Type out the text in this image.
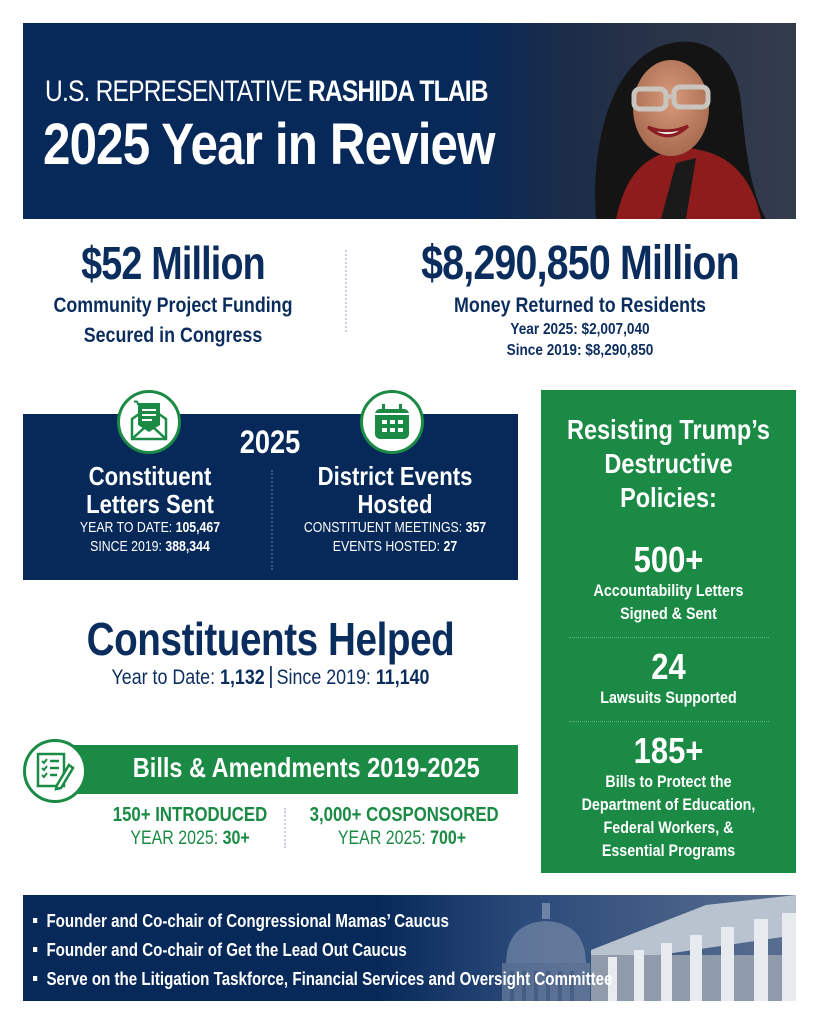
U.S. REPRESENTATIVE RASHIDA TLAIB
2025 Year in Review
$52 Million
Community Project Funding
Secured in Congress
$8,290,850 Million
Money Returned to Residents
Year 2025: $2,007,040
Since 2019: $8,290,850
2025
Constituent
Letters Sent
YEAR TO DATE: 105,467
SINCE 2019: 388,344
District Events
Hosted
CONSTITUENT MEETINGS: 357
EVENTS HOSTED: 27
Constituents Helped
Year to Date: 1,132 Since 2019: 11,140
Bills & Amendments 2019-2025
150+ INTRODUCED
YEAR 2025: 30+
3,000+ COSPONSORED
YEAR 2025: 700+
Resisting Trump’s
Destructive
Policies:
500+
Accountability Letters
Signed & Sent
24
Lawsuits Supported
185+
Bills to Protect the
Department of Education,
Federal Workers, &
Essential Programs
Founder and Co-chair of Congressional Mamas’ Caucus
Founder and Co-chair of Get the Lead Out Caucus
Serve on the Litigation Taskforce, Financial Services and Oversight Committee
